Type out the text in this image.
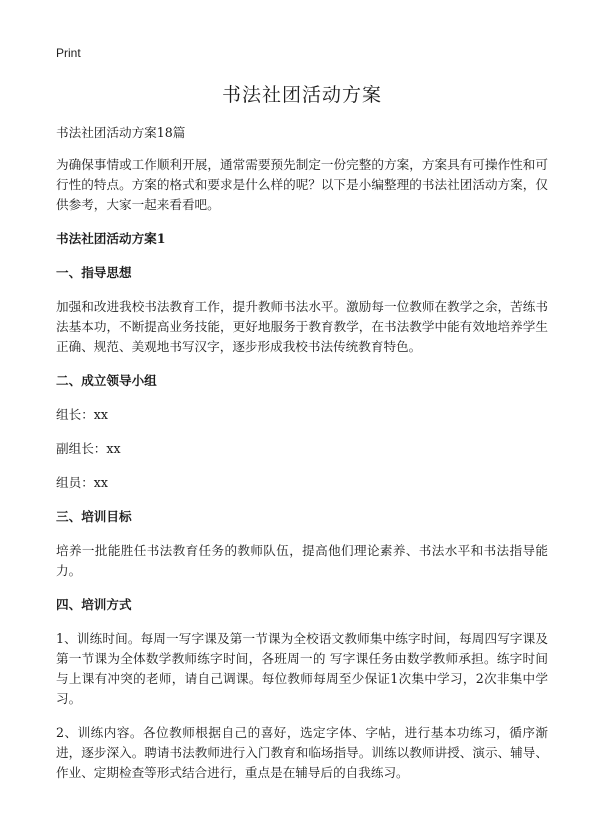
Print
书法社团活动方案

书法社团活动方案18篇

为确保事情或工作顺利开展，通常需要预先制定一份完整的方案，方案具有可操作性和可行性的特点。方案的格式和要求是什么样的呢？以下是小编整理的书法社团活动方案，仅供参考，大家一起来看看吧。

书法社团活动方案1
一、指导思想

加强和改进我校书法教育工作，提升教师书法水平。激励每一位教师在教学之余，苦练书法基本功，不断提高业务技能，更好地服务于教育教学，在书法教学中能有效地培养学生正确、规范、美观地书写汉字，逐步形成我校书法传统教育特色。

二、成立领导小组

组长：xx

副组长：xx

组员：xx

三、培训目标

培养一批能胜任书法教育任务的教师队伍，提高他们理论素养、书法水平和书法指导能力。

四、培训方式

1、训练时间。每周一写字课及第一节课为全校语文教师集中练字时间，每周四写字课及第一节课为全体数学教师练字时间，各班周一的 写字课任务由数学教师承担。练字时间与上课有冲突的老师，请自己调课。每位教师每周至少保证1次集中学习，2次非集中学习。

2、训练内容。各位教师根据自己的喜好，选定字体、字帖，进行基本功练习，循序渐进，逐步深入。聘请书法教师进行入门教育和临场指导。训练以教师讲授、演示、辅导、作业、定期检查等形式结合进行，重点是在辅导后的自我练习。
